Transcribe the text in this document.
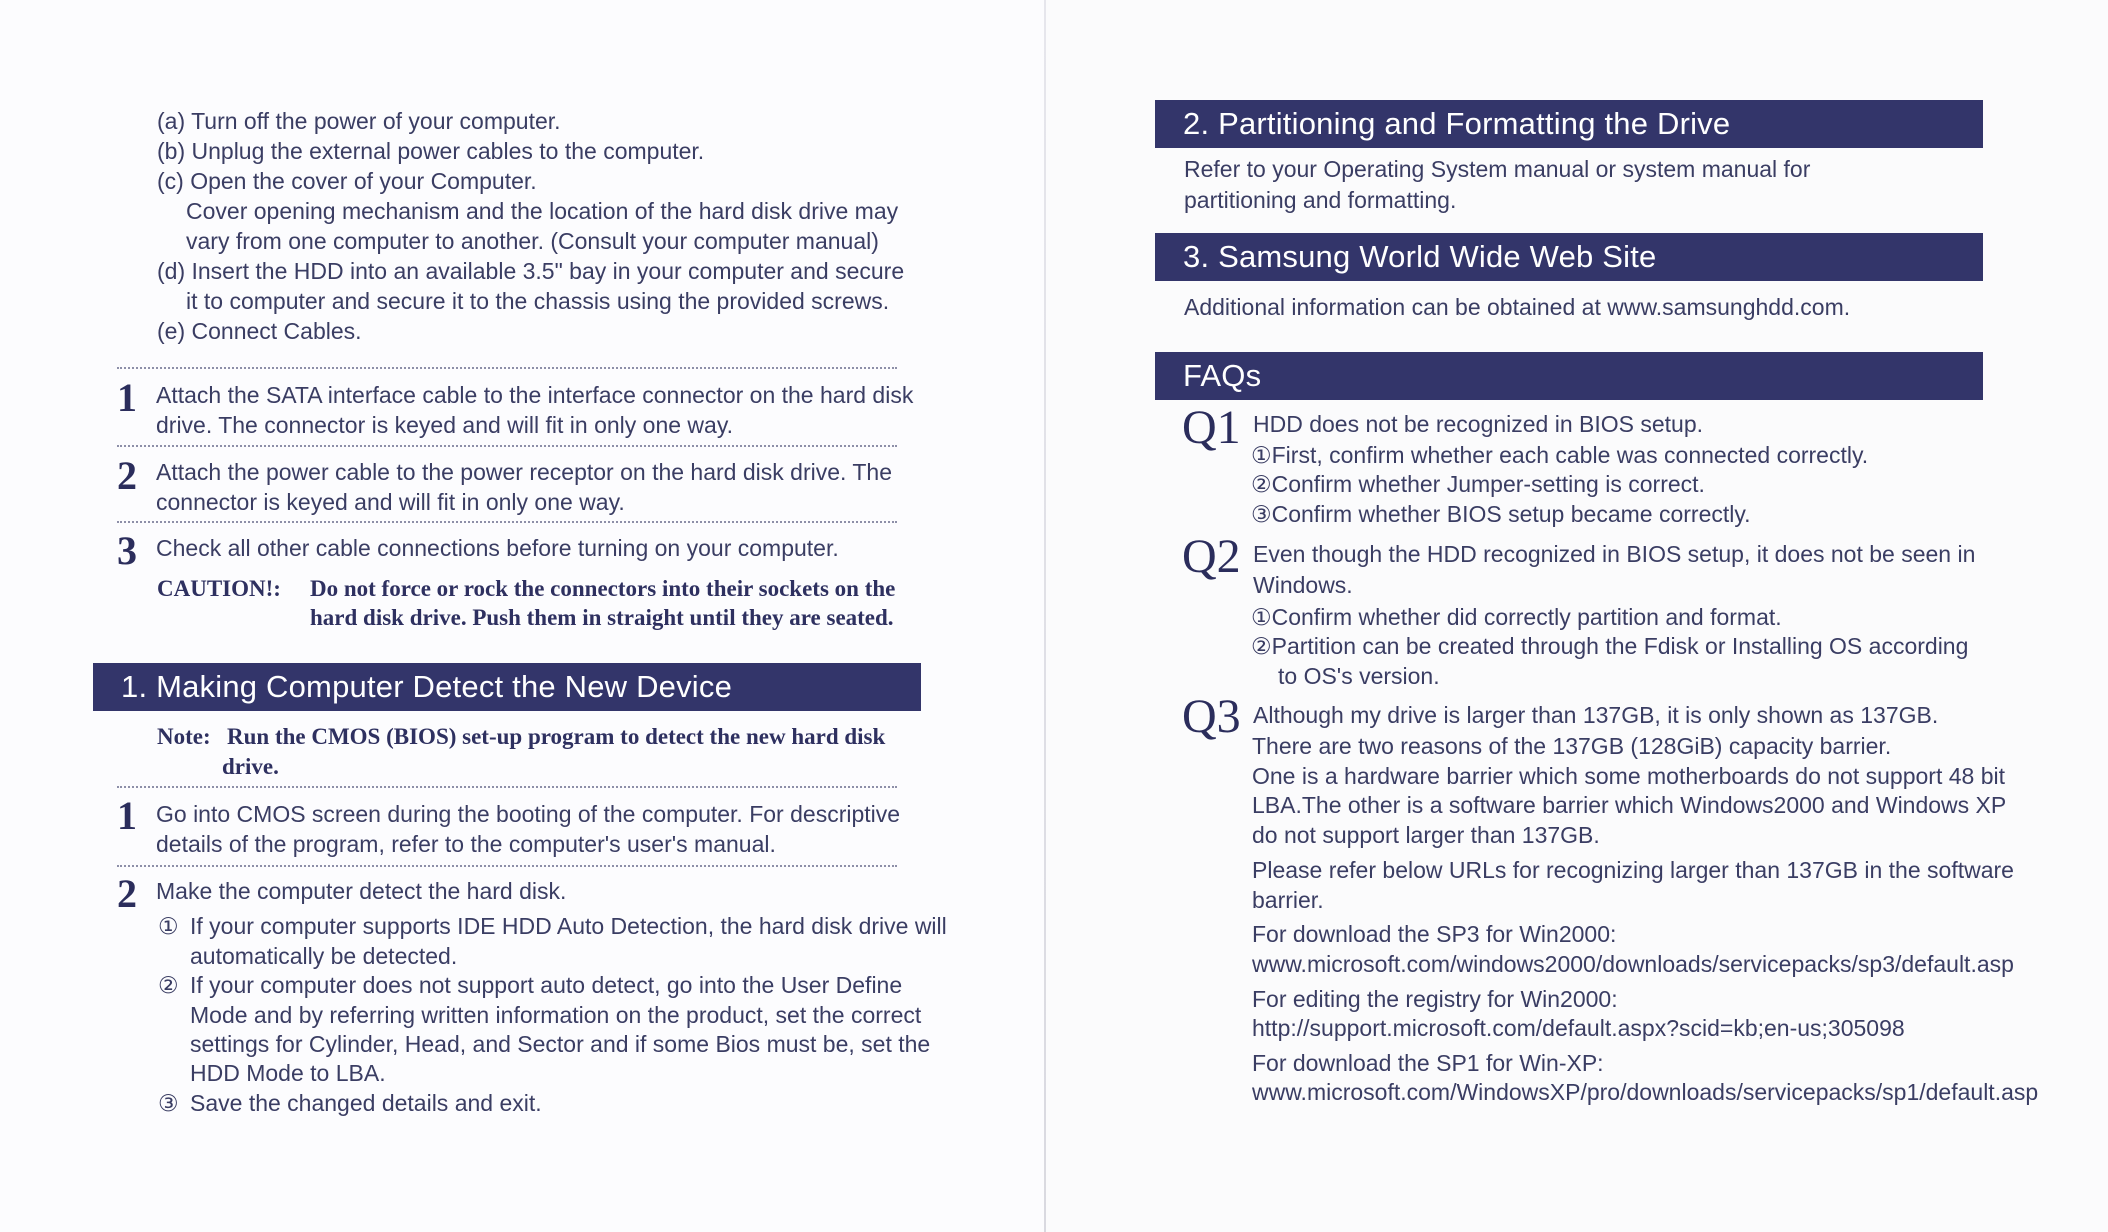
(a) Turn off the power of your computer.
(b) Unplug the external power cables to the computer.
(c) Open the cover of your Computer.
Cover opening mechanism and the location of the hard disk drive may
vary from one computer to another. (Consult your computer manual)
(d) Insert the HDD into an available 3.5" bay in your computer and secure
it to computer and secure it to the chassis using the provided screws.
(e) Connect Cables.
1 Attach the SATA interface cable to the interface connector on the hard disk
drive. The connector is keyed and will fit in only one way.
2 Attach the power cable to the power receptor on the hard disk drive. The
connector is keyed and will fit in only one way.
3 Check all other cable connections before turning on your computer.
CAUTION!: Do not force or rock the connectors into their sockets on the
hard disk drive. Push them in straight until they are seated.
1. Making Computer Detect the New Device
Note: Run the CMOS (BIOS) set-up program to detect the new hard disk
drive.
1 Go into CMOS screen during the booting of the computer. For descriptive
details of the program, refer to the computer's user's manual.
2 Make the computer detect the hard disk.
① If your computer supports IDE HDD Auto Detection, the hard disk drive will
automatically be detected.
② If your computer does not support auto detect, go into the User Define
Mode and by referring written information on the product, set the correct
settings for Cylinder, Head, and Sector and if some Bios must be, set the
HDD Mode to LBA.
③ Save the changed details and exit.
2. Partitioning and Formatting the Drive
Refer to your Operating System manual or system manual for
partitioning and formatting.
3. Samsung World Wide Web Site
Additional information can be obtained at www.samsunghdd.com.
FAQs
Q1 HDD does not be recognized in BIOS setup.
①First, confirm whether each cable was connected correctly.
②Confirm whether Jumper-setting is correct.
③Confirm whether BIOS setup became correctly.
Q2 Even though the HDD recognized in BIOS setup, it does not be seen in
Windows.
①Confirm whether did correctly partition and format.
②Partition can be created through the Fdisk or Installing OS according
to OS's version.
Q3 Although my drive is larger than 137GB, it is only shown as 137GB.
There are two reasons of the 137GB (128GiB) capacity barrier.
One is a hardware barrier which some motherboards do not support 48 bit
LBA.The other is a software barrier which Windows2000 and Windows XP
do not support larger than 137GB.
Please refer below URLs for recognizing larger than 137GB in the software
barrier.
For download the SP3 for Win2000:
www.microsoft.com/windows2000/downloads/servicepacks/sp3/default.asp
For editing the registry for Win2000:
http://support.microsoft.com/default.aspx?scid=kb;en-us;305098
For download the SP1 for Win-XP:
www.microsoft.com/WindowsXP/pro/downloads/servicepacks/sp1/default.asp
